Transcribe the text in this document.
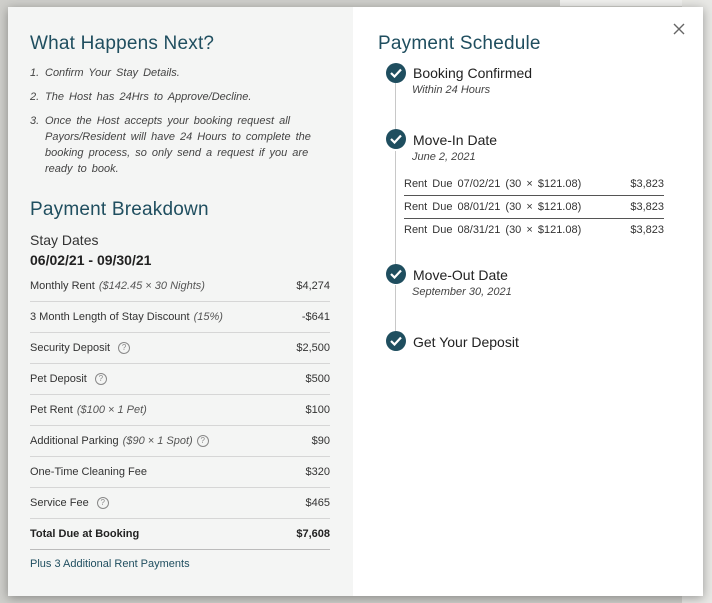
What Happens Next?
1. Confirm Your Stay Details.
2. The Host has 24Hrs to Approve/Decline.
3. Once the Host accepts your booking request all Payors/Resident will have 24 Hours to complete the booking process, so only send a request if you are ready to book.
Payment Breakdown
Stay Dates
06/02/21 - 09/30/21
Monthly Rent ($142.45 × 30 Nights)	$4,274
3 Month Length of Stay Discount (15%)	-$641
Security Deposit	?	$2,500
Pet Deposit	?	$500
Pet Rent ($100 × 1 Pet)	$100
Additional Parking ($90 × 1 Spot) ?	$90
One-Time Cleaning Fee	$320
Service Fee	?	$465
Total Due at Booking	$7,608
Plus 3 Additional Rent Payments
Payment Schedule
Booking Confirmed
Within 24 Hours
Move-In Date
June 2, 2021
Rent Due 07/02/21 (30 × $121.08)	$3,823
Rent Due 08/01/21 (30 × $121.08)	$3,823
Rent Due 08/31/21 (30 × $121.08)	$3,823
Move-Out Date
September 30, 2021
Get Your Deposit
